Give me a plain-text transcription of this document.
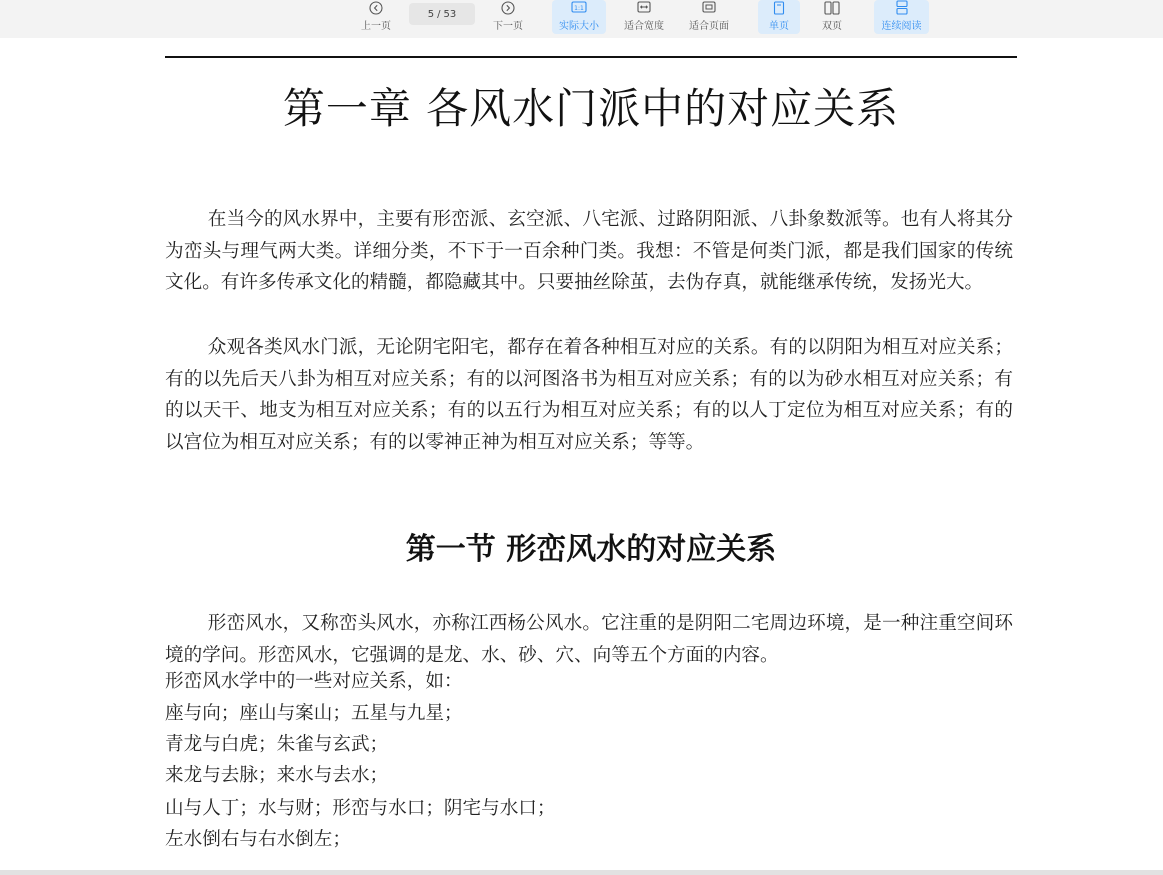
上一页
5 / 53
下一页
1:1
实际大小	适合宽度	适合页面	单页	双页	连续阅读
第一章 各风水门派中的对应关系

在当今的风水界中，主要有形峦派、玄空派、八宅派、过路阴阳派、八卦象数派等。也有人将其分为峦头与理气两大类。详细分类，不下于一百余种门类。我想：不管是何类门派，都是我们国家的传统文化。有许多传承文化的精髓，都隐藏其中。只要抽丝除茧，去伪存真，就能继承传统，发扬光大。

众观各类风水门派，无论阴宅阳宅，都存在着各种相互对应的关系。有的以阴阳为相互对应关系；有的以先后天八卦为相互对应关系；有的以河图洛书为相互对应关系；有的以为砂水相互对应关系；有的以天干、地支为相互对应关系；有的以五行为相互对应关系；有的以人丁定位为相互对应关系；有的以宫位为相互对应关系；有的以零神正神为相互对应关系；等等。

第一节 形峦风水的对应关系

形峦风水，又称峦头风水，亦称江西杨公风水。它注重的是阴阳二宅周边环境，是一种注重空间环境的学问。形峦风水，它强调的是龙、水、砂、穴、向等五个方面的内容。

形峦风水学中的一些对应关系，如：
座与向；座山与案山；五星与九星；
青龙与白虎；朱雀与玄武；
来龙与去脉；来水与去水；
山与人丁；水与财；形峦与水口；阴宅与水口；
左水倒右与右水倒左；
